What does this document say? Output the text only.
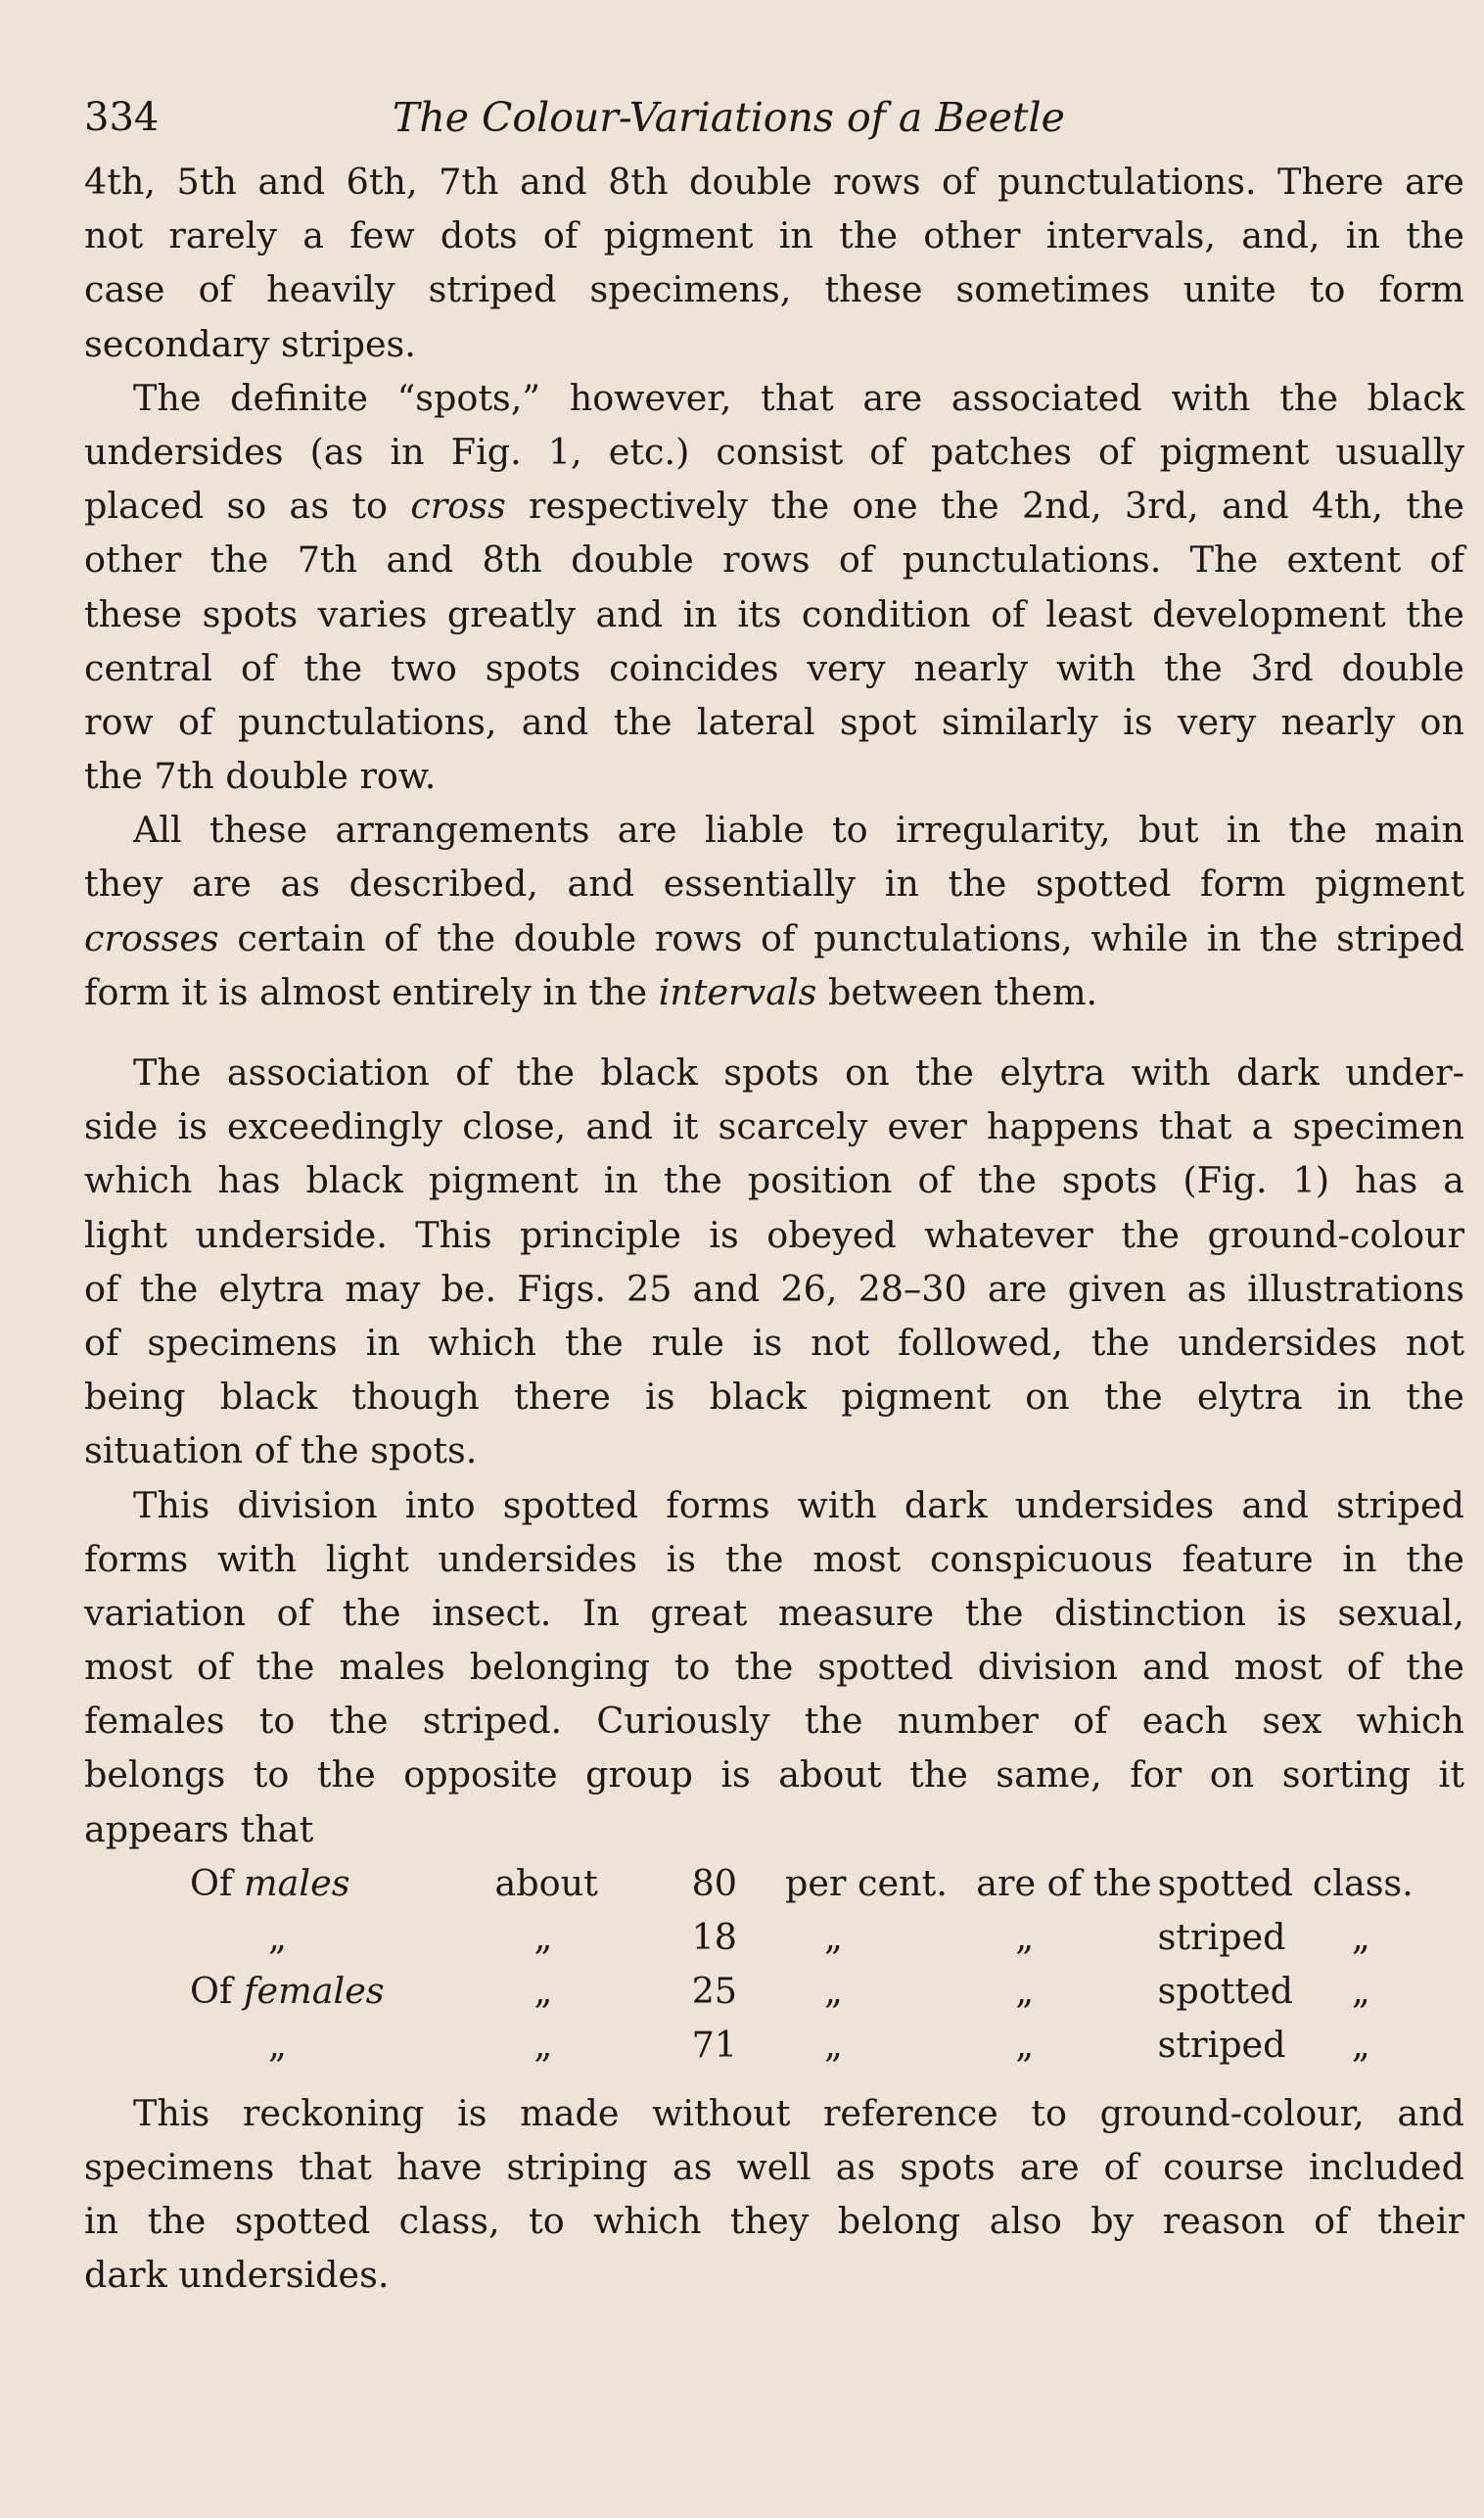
334	The Colour-Variations of a Beetle

4th, 5th and 6th, 7th and 8th double rows of punctulations. There are
not rarely a few dots of pigment in the other intervals, and, in the
case of heavily striped specimens, these sometimes unite to form
secondary stripes.

The definite “spots,” however, that are associated with the black
undersides (as in Fig. 1, etc.) consist of patches of pigment usually
placed so as to cross respectively the one the 2nd, 3rd, and 4th, the
other the 7th and 8th double rows of punctulations. The extent of
these spots varies greatly and in its condition of least development the
central of the two spots coincides very nearly with the 3rd double
row of punctulations, and the lateral spot similarly is very nearly on
the 7th double row.

All these arrangements are liable to irregularity, but in the main
they are as described, and essentially in the spotted form pigment
crosses certain of the double rows of punctulations, while in the striped
form it is almost entirely in the intervals between them.

The association of the black spots on the elytra with dark under-
side is exceedingly close, and it scarcely ever happens that a specimen
which has black pigment in the position of the spots (Fig. 1) has a
light underside. This principle is obeyed whatever the ground-colour
of the elytra may be. Figs. 25 and 26, 28–30 are given as illustrations
of specimens in which the rule is not followed, the undersides not
being black though there is black pigment on the elytra in the
situation of the spots.

This division into spotted forms with dark undersides and striped
forms with light undersides is the most conspicuous feature in the
variation of the insect. In great measure the distinction is sexual,
most of the males belonging to the spotted division and most of the
females to the striped. Curiously the number of each sex which
belongs to the opposite group is about the same, for on sorting it
appears that

Of males	about	80	per cent.	are of the	spotted	class.
„	„	18	„	„	striped	„
Of females	„	25	„	„	spotted	„
„	„	71	„	„	striped	„

This reckoning is made without reference to ground-colour, and
specimens that have striping as well as spots are of course included
in the spotted class, to which they belong also by reason of their
dark undersides.
